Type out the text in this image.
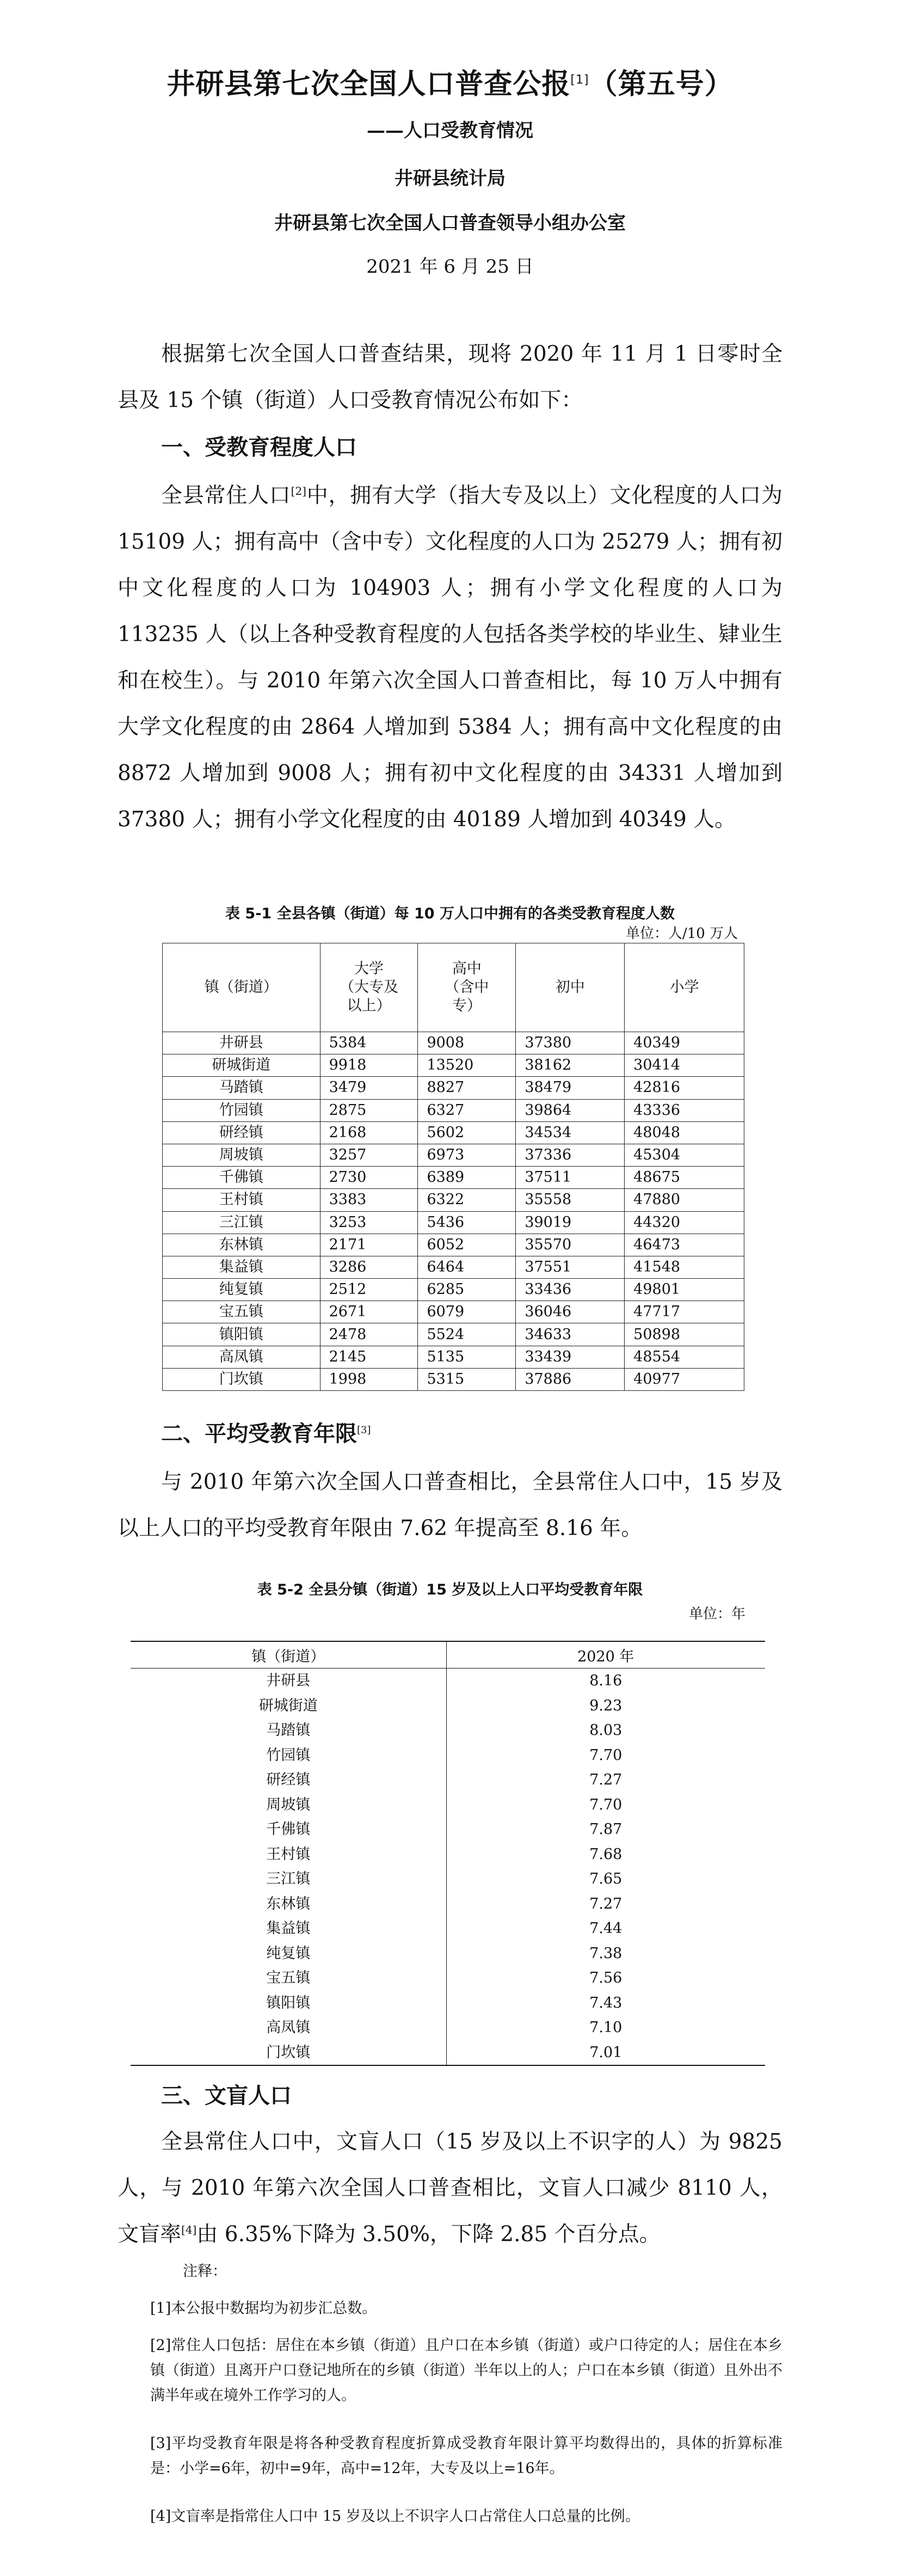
井研县第七次全国人口普查公报[1]（第五号）
——人口受教育情况
井研县统计局
井研县第七次全国人口普查领导小组办公室
2021 年 6 月 25 日
根据第七次全国人口普查结果，现将 2020 年 11 月 1 日零时全县及 15 个镇（街道）人口受教育情况公布如下：
一、受教育程度人口
全县常住人口[2]中，拥有大学（指大专及以上）文化程度的人口为 15109 人；拥有高中（含中专）文化程度的人口为 25279 人；拥有初中文化程度的人口为 104903 人；拥有小学文化程度的人口为 113235 人（以上各种受教育程度的人包括各类学校的毕业生、肄业生和在校生）。与 2010 年第六次全国人口普查相比，每 10 万人中拥有大学文化程度的由 2864 人增加到 5384 人；拥有高中文化程度的由 8872 人增加到 9008 人；拥有初中文化程度的由 34331 人增加到 37380 人；拥有小学文化程度的由 40189 人增加到 40349 人。
表 5-1 全县各镇（街道）每 10 万人口中拥有的各类受教育程度人数
单位：人/10 万人
镇（街道）	大学
（大专及
以上）	高中
（含中
专）	初中	小学
井研县	5384	9008	37380	40349
研城街道	9918	13520	38162	30414
马踏镇	3479	8827	38479	42816
竹园镇	2875	6327	39864	43336
研经镇	2168	5602	34534	48048
周坡镇	3257	6973	37336	45304
千佛镇	2730	6389	37511	48675
王村镇	3383	6322	35558	47880
三江镇	3253	5436	39019	44320
东林镇	2171	6052	35570	46473
集益镇	3286	6464	37551	41548
纯复镇	2512	6285	33436	49801
宝五镇	2671	6079	36046	47717
镇阳镇	2478	5524	34633	50898
高凤镇	2145	5135	33439	48554
门坎镇	1998	5315	37886	40977
二、平均受教育年限[3]
与 2010 年第六次全国人口普查相比，全县常住人口中，15 岁及以上人口的平均受教育年限由 7.62 年提高至 8.16 年。
表 5-2 全县分镇（街道）15 岁及以上人口平均受教育年限
单位：年
镇（街道）	2020 年
井研县	8.16
研城街道	9.23
马踏镇	8.03
竹园镇	7.70
研经镇	7.27
周坡镇	7.70
千佛镇	7.87
王村镇	7.68
三江镇	7.65
东林镇	7.27
集益镇	7.44
纯复镇	7.38
宝五镇	7.56
镇阳镇	7.43
高凤镇	7.10
门坎镇	7.01
三、文盲人口
全县常住人口中，文盲人口（15 岁及以上不识字的人）为 9825 人，与 2010 年第六次全国人口普查相比，文盲人口减少 8110 人，文盲率[4]由 6.35%下降为 3.50%，下降 2.85 个百分点。
注释：
[1]本公报中数据均为初步汇总数。
[2]常住人口包括：居住在本乡镇（街道）且户口在本乡镇（街道）或户口待定的人；居住在本乡镇（街道）且离开户口登记地所在的乡镇（街道）半年以上的人；户口在本乡镇（街道）且外出不满半年或在境外工作学习的人。
[3]平均受教育年限是将各种受教育程度折算成受教育年限计算平均数得出的，具体的折算标准是：小学=6年，初中=9年，高中=12年，大专及以上=16年。
[4]文盲率是指常住人口中 15 岁及以上不识字人口占常住人口总量的比例。
